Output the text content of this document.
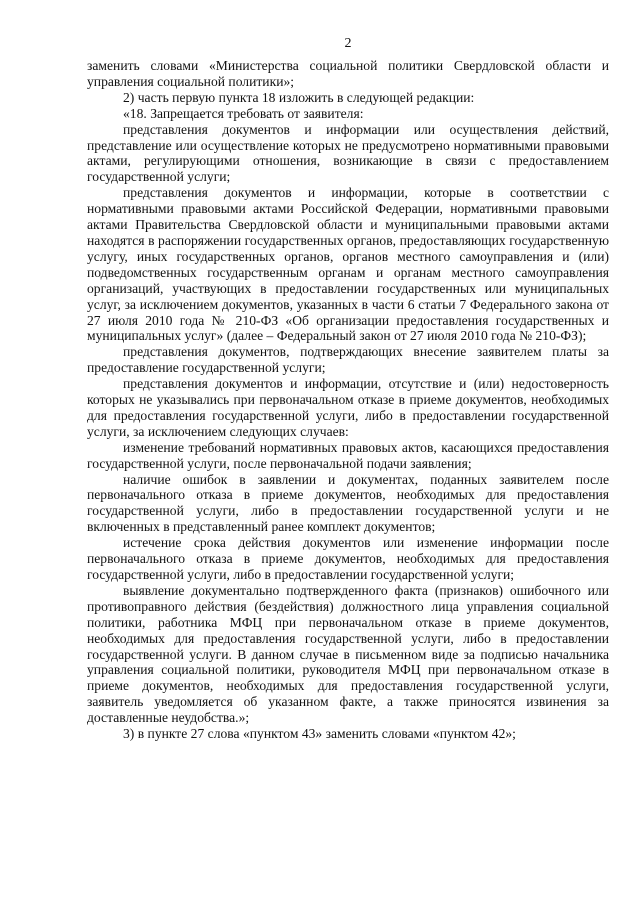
2

заменить словами «Министерства социальной политики Свердловской области и управления социальной политики»;

2) часть первую пункта 18 изложить в следующей редакции:

«18. Запрещается требовать от заявителя:

представления документов и информации или осуществления действий, представление или осуществление которых не предусмотрено нормативными правовыми актами, регулирующими отношения, возникающие в связи с предоставлением государственной услуги;

представления документов и информации, которые в соответствии с нормативными правовыми актами Российской Федерации, нормативными правовыми актами Правительства Свердловской области и муниципальными правовыми актами находятся в распоряжении государственных органов, предоставляющих государственную услугу, иных государственных органов, органов местного самоуправления и (или) подведомственных государственным органам и органам местного самоуправления организаций, участвующих в предоставлении государственных или муниципальных услуг, за исключением документов, указанных в части 6 статьи 7 Федерального закона от 27 июля 2010 года № 210-ФЗ «Об организации предоставления государственных и муниципальных услуг» (далее – Федеральный закон от 27 июля 2010 года № 210-ФЗ);

представления документов, подтверждающих внесение заявителем платы за предоставление государственной услуги;

представления документов и информации, отсутствие и (или) недостоверность которых не указывались при первоначальном отказе в приеме документов, необходимых для предоставления государственной услуги, либо в предоставлении государственной услуги, за исключением следующих случаев:

изменение требований нормативных правовых актов, касающихся предоставления государственной услуги, после первоначальной подачи заявления;

наличие ошибок в заявлении и документах, поданных заявителем после первоначального отказа в приеме документов, необходимых для предоставления государственной услуги, либо в предоставлении государственной услуги и не включенных в представленный ранее комплект документов;

истечение срока действия документов или изменение информации после первоначального отказа в приеме документов, необходимых для предоставления государственной услуги, либо в предоставлении государственной услуги;

выявление документально подтвержденного факта (признаков) ошибочного или противоправного действия (бездействия) должностного лица управления социальной политики, работника МФЦ при первоначальном отказе в приеме документов, необходимых для предоставления государственной услуги, либо в предоставлении государственной услуги. В данном случае в письменном виде за подписью начальника управления социальной политики, руководителя МФЦ при первоначальном отказе в приеме документов, необходимых для предоставления государственной услуги, заявитель уведомляется об указанном факте, а также приносятся извинения за доставленные неудобства.»;

3) в пункте 27 слова «пунктом 43» заменить словами «пунктом 42»;
